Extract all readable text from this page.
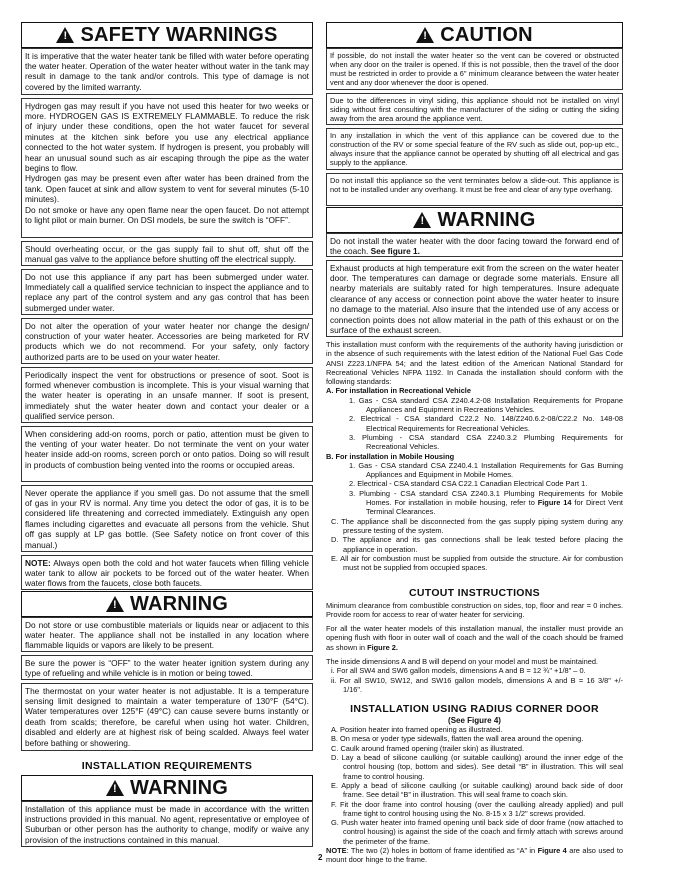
!
SAFETY WARNINGS
It is imperative that the water heater tank be filled with water before operating the water heater. Operation of the water heater without water in the tank may result in damage to the tank and/or controls. This type of damage is not covered by the limited warranty.
Hydrogen gas may result if you have not used this heater for two weeks or more. HYDROGEN GAS IS EXTREMELY FLAMMABLE. To reduce the risk of injury under these conditions, open the hot water faucet for several minutes at the kitchen sink before you use any electrical appliance connected to the hot water system. If hydrogen is present, you probably will hear an unusual sound such as air escaping through the pipe as the water begins to flow.
Hydrogen gas may be present even after water has been drained from the tank. Open faucet at sink and allow system to vent for several minutes (5-10 minutes).
Do not smoke or have any open flame near the open faucet. Do not attempt to light pilot or main burner. On DSI models, be sure the switch is “OFF”.
Should overheating occur, or the gas supply fail to shut off, shut off the manual gas valve to the appliance before shutting off the electrical supply.
Do not use this appliance if any part has been submerged under water. Immediately call a qualified service technician to inspect the appliance and to replace any part of the control system and any gas control that has been submerged under water.
Do not alter the operation of your water heater nor change the design/ construction of your water heater. Accessories are being marketed for RV products which we do not recommend. For your safety, only factory authorized parts are to be used on your water heater.
Periodically inspect the vent for obstructions or presence of soot. Soot is formed whenever combustion is incomplete. This is your visual warning that the water heater is operating in an unsafe manner. If soot is present, immediately shut the water heater down and contact your dealer or a qualified service person.
When considering add-on rooms, porch or patio, attention must be given to the venting of your water heater. Do not terminate the vent on your water heater inside add-on rooms, screen porch or onto patios. Doing so will result in products of combustion being vented into the rooms or occupied areas.
Never operate the appliance if you smell gas. Do not assume that the smell of gas in your RV is normal. Any time you detect the odor of gas, it is to be considered life threatening and corrected immediately. Extinguish any open flames including cigarettes and evacuate all persons from the vehicle. Shut off gas supply at LP gas bottle. (See Safety notice on front cover of this manual.)
NOTE: Always open both the cold and hot water faucets when filling vehicle water tank to allow air pockets to be forced out of the water heater. When water flows from the faucets, close both faucets.
!
WARNING
Do not store or use combustible materials or liquids near or adjacent to this water heater. The appliance shall not be installed in any location where flammable liquids or vapors are likely to be present.
Be sure the power is “OFF” to the water heater ignition system during any type of refueling and while vehicle is in motion or being towed.
The thermostat on your water heater is not adjustable. It is a temperature sensing limit designed to maintain a water temperature of 130°F (54°C). Water temperatures over 125°F (49°C) can cause severe burns instantly or death from scalds; therefore, be careful when using hot water. Children, disabled and elderly are at highest risk of being scalded. Always feel water before bathing or showering.
INSTALLATION REQUIREMENTS
!
WARNING
Installation of this appliance must be made in accordance with the written instructions provided in this manual. No agent, representative or employee of Suburban or other person has the authority to change, modify or waive any provision of the instructions contained in this manual.
!
CAUTION
If possible, do not install the water heater so the vent can be covered or obstructed when any door on the trailer is opened. If this is not possible, then the travel of the door must be restricted in order to provide a 6" minimum clearance between the water heater vent and any door whenever the door is opened.
Due to the differences in vinyl siding, this appliance should not be installed on vinyl siding without first consulting with the manufacturer of the siding or cutting the siding away from the area around the appliance vent.
In any installation in which the vent of this appliance can be covered due to the construction of the RV or some special feature of the RV such as slide out, pop-up etc., always insure that the appliance cannot be operated by shutting off all electrical and gas supply to the appliance.
Do not install this appliance so the vent terminates below a slide-out. This appliance is not to be installed under any overhang. It must be free and clear of any type overhang.
!
WARNING
Do not install the water heater with the door facing toward the forward end of the coach. See figure 1.
Exhaust products at high temperature exit from the screen on the water heater door. The temperatures can damage or degrade some materials. Ensure all nearby materials are suitably rated for high temperatures. Insure adequate clearance of any access or connection point above the water heater to insure no damage to the material. Also insure that the intended use of any access or connection points does not allow material in the path of this exhaust or on the surface of the exhaust screen.
This installation must conform with the requirements of the authority having jurisdiction or in the absence of such requirements with the latest edition of the National Fuel Gas Code ANSI Z223.1/NFPA 54; and the latest edition of the American National Standard for Recreational Vehicles NFPA 1192. In Canada the installation should conform with the following standards:
A. For installation in Recreational Vehicle
1. Gas - CSA standard CSA Z240.4.2-08 Installation Requirements for Propane Appliances and Equipment in Recreations Vehicles.
2. Electrical - CSA standard C22.2 No. 148/Z240.6.2-08/C22.2 No. 148-08 Electrical Requirements for Recreational Vehicles.
3. Plumbing - CSA standard CSA Z240.3.2 Plumbing Requirements for Recreational Vehicles.
B. For installation in Mobile Housing
1. Gas - CSA standard CSA Z240.4.1 Installation Requirements for Gas Burning Appliances and Equipment in Mobile Homes.
2. Electrical - CSA standard CSA C22.1 Canadian Electrical Code Part 1.
3. Plumbing - CSA standard CSA Z240.3.1 Plumbing Requirements for Mobile Homes. For installation in mobile housing, refer to Figure 14 for Direct Vent Terminal Clearances.
C. The appliance shall be disconnected from the gas supply piping system during any pressure testing of the system.
D. The appliance and its gas connections shall be leak tested before placing the appliance in operation.
E. All air for combustion must be supplied from outside the structure. Air for combustion must not be supplied from occupied spaces.
CUTOUT INSTRUCTIONS
Minimum clearance from combustible construction on sides, top, floor and rear = 0 inches. Provide room for access to rear of water heater for servicing.
For all the water heater models of this installation manual, the installer must provide an opening flush with floor in outer wall of coach and the wall of the coach should be framed as shown in Figure 2.
The inside dimensions A and B will depend on your model and must be maintained.
i. For all SW4 and SW6 gallon models, dimensions A and B = 12 ¾" +1/8" – 0.
ii. For all SW10, SW12, and SW16 gallon models, dimensions A and B = 16 3/8" +/- 1/16".
INSTALLATION USING RADIUS CORNER DOOR
(See Figure 4)
A. Position heater into framed opening as illustrated.
B. On mesa or yoder type sidewalls, flatten the wall area around the opening.
C. Caulk around framed opening (trailer skin) as illustrated.
D. Lay a bead of silicone caulking (or suitable caulking) around the inner edge of the control housing (top, bottom and sides). See detail “B” in illustration. This will seal frame to control housing.
E. Apply a bead of silicone caulking (or suitable caulking) around back side of door frame. See detail “B” in illustration. This will seal frame to coach skin.
F. Fit the door frame into control housing (over the caulking already applied) and pull frame tight to control housing using the No. 8-15 x 3 1/2" screws provided.
G. Push water heater into framed opening until back side of door frame (now attached to control housing) is against the side of the coach and firmly attach with screws around the perimeter of the frame.
NOTE: The two (2) holes in bottom of frame identified as “A” in Figure 4 are also used to mount door hinge to the frame.
2
